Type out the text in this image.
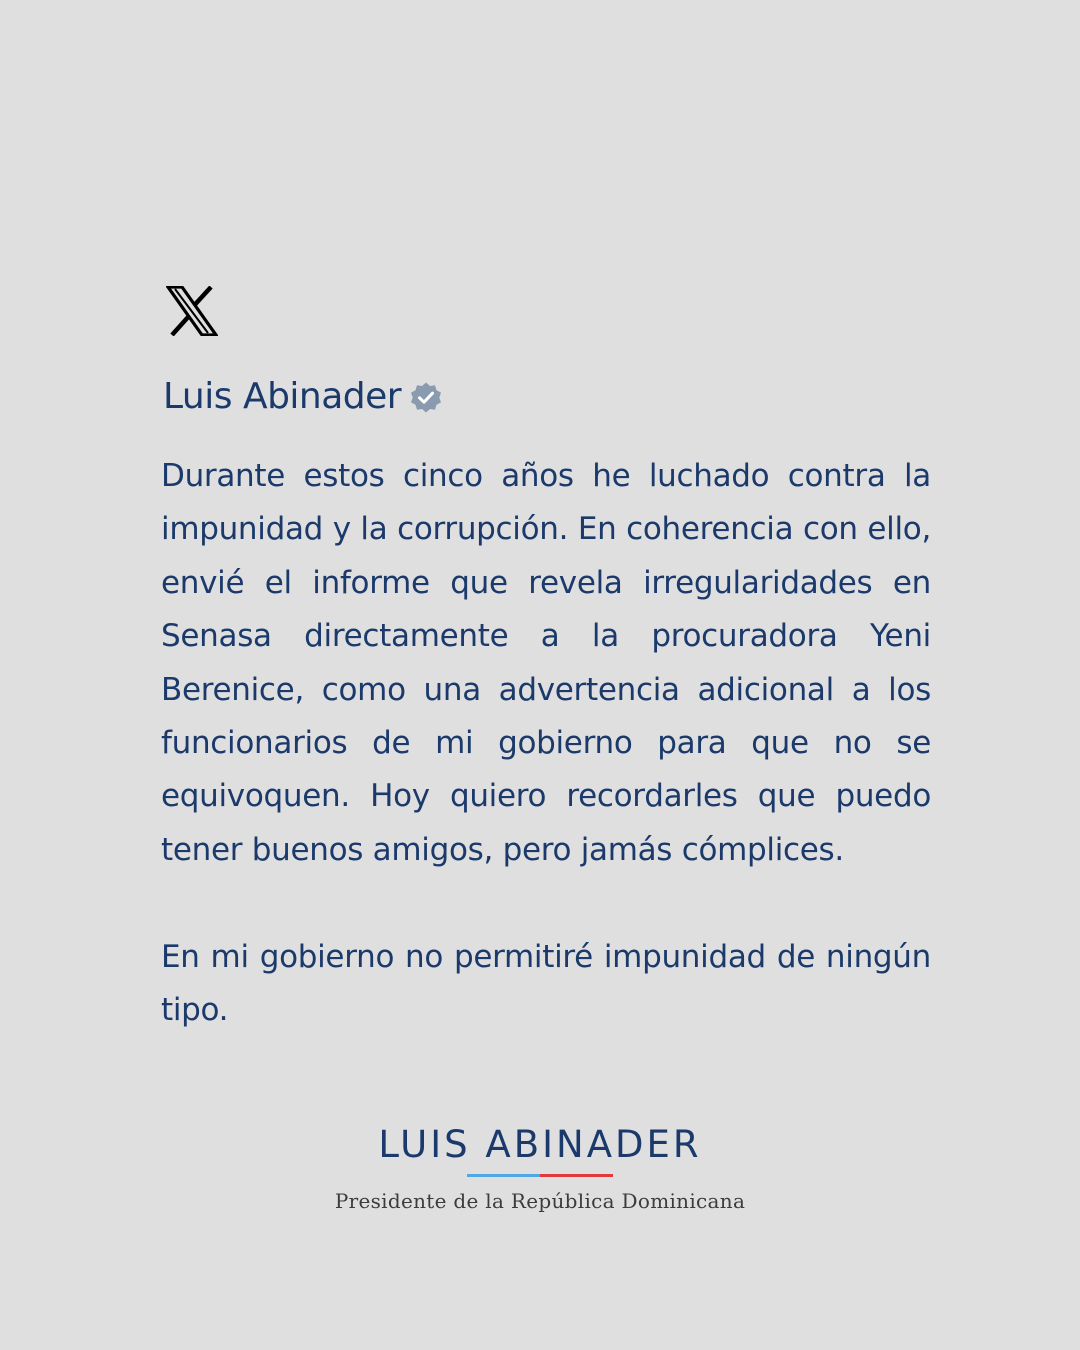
Luis Abinader

Durante estos cinco años he luchado contra la impunidad y la corrupción. En coherencia con ello, envié el informe que revela irregularidades en Senasa directamente a la procuradora Yeni Berenice, como una advertencia adicional a los funcionarios de mi gobierno para que no se equivoquen. Hoy quiero recordarles que puedo tener buenos amigos, pero jamás cómplices.

En mi gobierno no permitiré impunidad de ningún tipo.

LUIS ABINADER
Presidente de la República Dominicana
